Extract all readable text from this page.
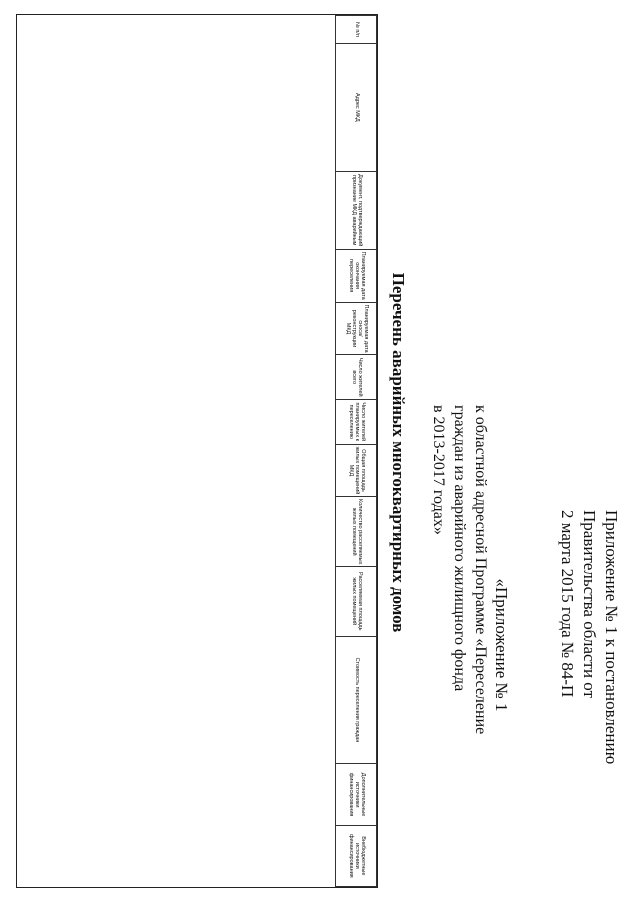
Приложение № 1 к постановлению
Правительства области от
2 марта 2015 года № 84-П
«Приложение № 1
к областной адресной Программе «Переселение
граждан из аварийного жилищного фонда
в 2013-2017 годах»
Перечень аварийных многоквартирных домов
№ п/п	Адрес МКД	Документ, подтверждающий признание МКД аварийным	Планируемая дата окончания переселения	Планируемая дата сноса/реконструкции МКД	Число жителей всего	Число жителей планируемых к переселению	Общая площадь жилых помещений МКД	Количество расселяемых жилых помещений	Расселяемая площадь жилых помещений	Стоимость переселения граждан	Дополнительные источники финансирования	Внебюджетные источники финансирования
